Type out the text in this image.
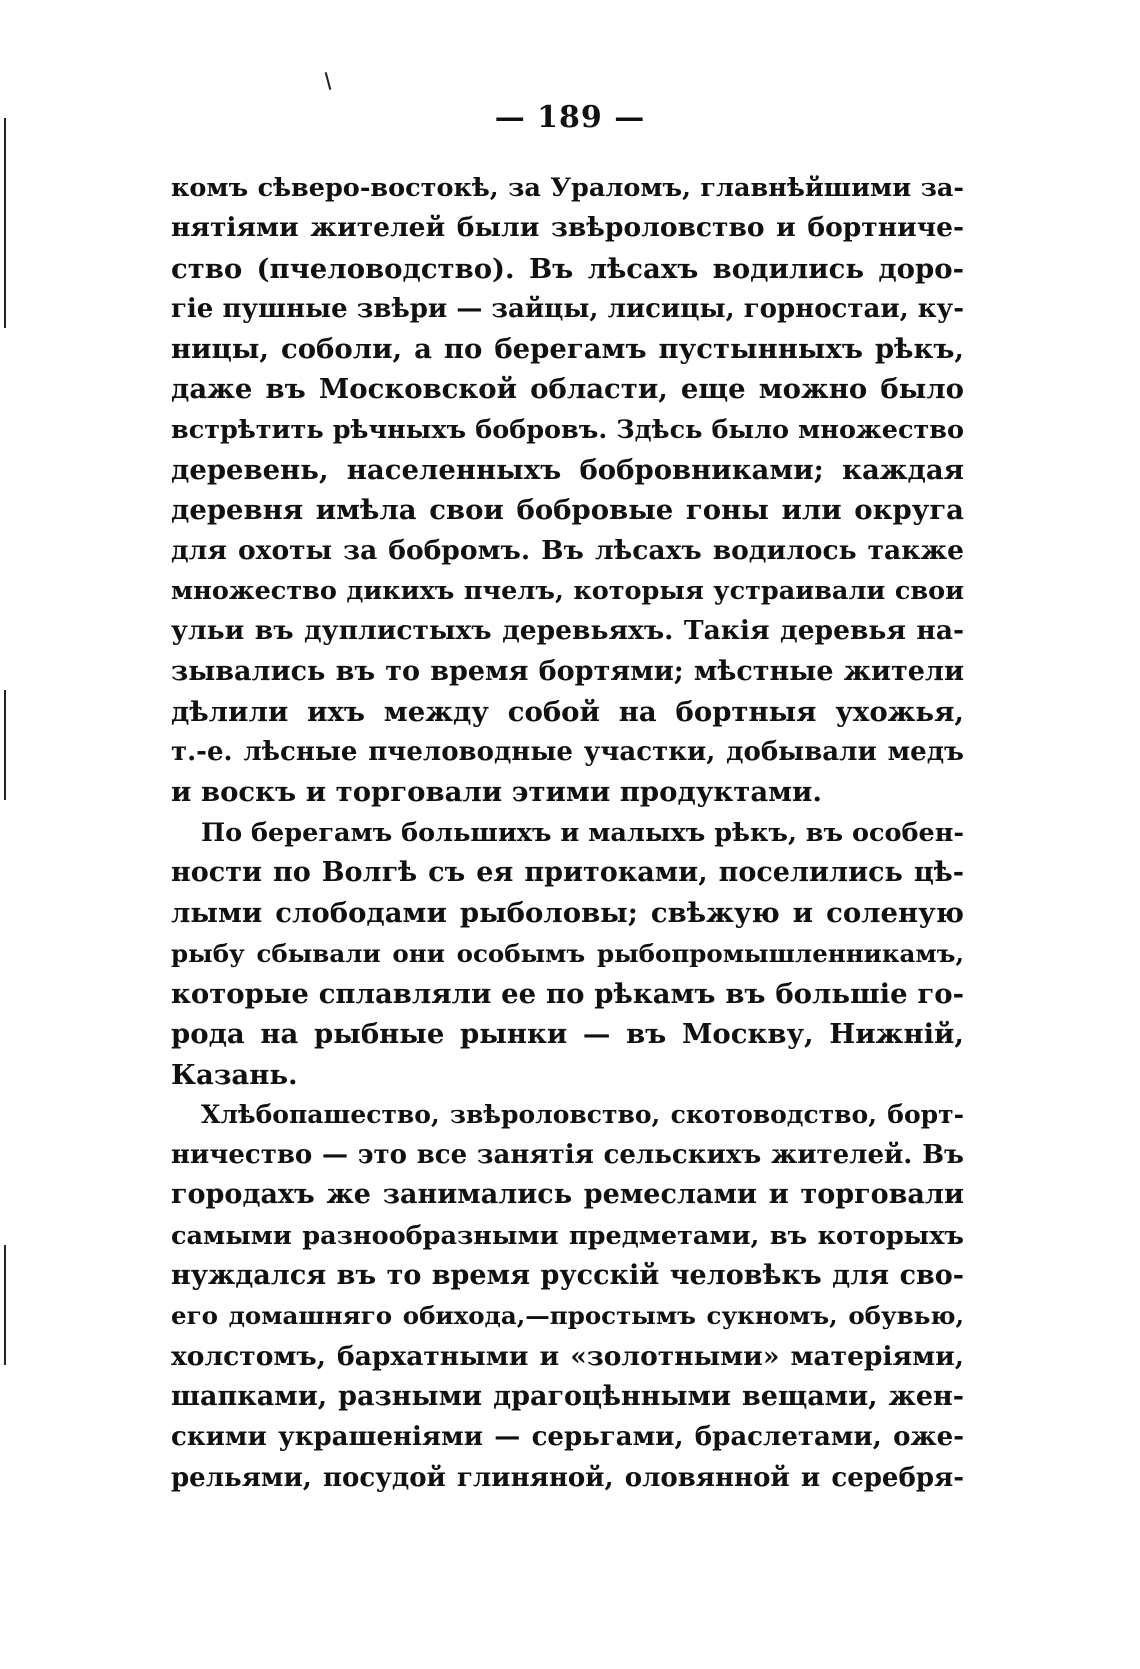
— 189 —
комъ сѣверо-востокѣ, за Ураломъ, главнѣйшими за-
нятіями жителей были звѣроловство и бортниче-
ство (пчеловодство). Въ лѣсахъ водились доро-
гіе пушные звѣри — зайцы, лисицы, горностаи, ку-
ницы, соболи, а по берегамъ пустынныхъ рѣкъ,
даже въ Московской области, еще можно было
встрѣтить рѣчныхъ бобровъ. Здѣсь было множество
деревень, населенныхъ бобровниками; каждая
деревня имѣла свои бобровые гоны или округа
для охоты за бобромъ. Въ лѣсахъ водилось также
множество дикихъ пчелъ, которыя устраивали свои
ульи въ дуплистыхъ деревьяхъ. Такія деревья на-
зывались въ то время бортями; мѣстные жители
дѣлили ихъ между собой на бортныя ухожья,
т.-е. лѣсные пчеловодные участки, добывали медъ
и воскъ и торговали этими продуктами.
По берегамъ большихъ и малыхъ рѣкъ, въ особен-
ности по Волгѣ съ ея притоками, поселились цѣ-
лыми слободами рыболовы; свѣжую и соленую
рыбу сбывали они особымъ рыбопромышленникамъ,
которые сплавляли ее по рѣкамъ въ большіе го-
рода на рыбные рынки — въ Москву, Нижній,
Казань.
Хлѣбопашество, звѣроловство, скотоводство, борт-
ничество — это все занятія сельскихъ жителей. Въ
городахъ же занимались ремеслами и торговали
самыми разнообразными предметами, въ которыхъ
нуждался въ то время русскій человѣкъ для сво-
его домашняго обихода,—простымъ сукномъ, обувью,
холстомъ, бархатными и «золотными» матеріями,
шапками, разными драгоцѣнными вещами, жен-
скими украшеніями — серьгами, браслетами, оже-
рельями, посудой глиняной, оловянной и серебря-
